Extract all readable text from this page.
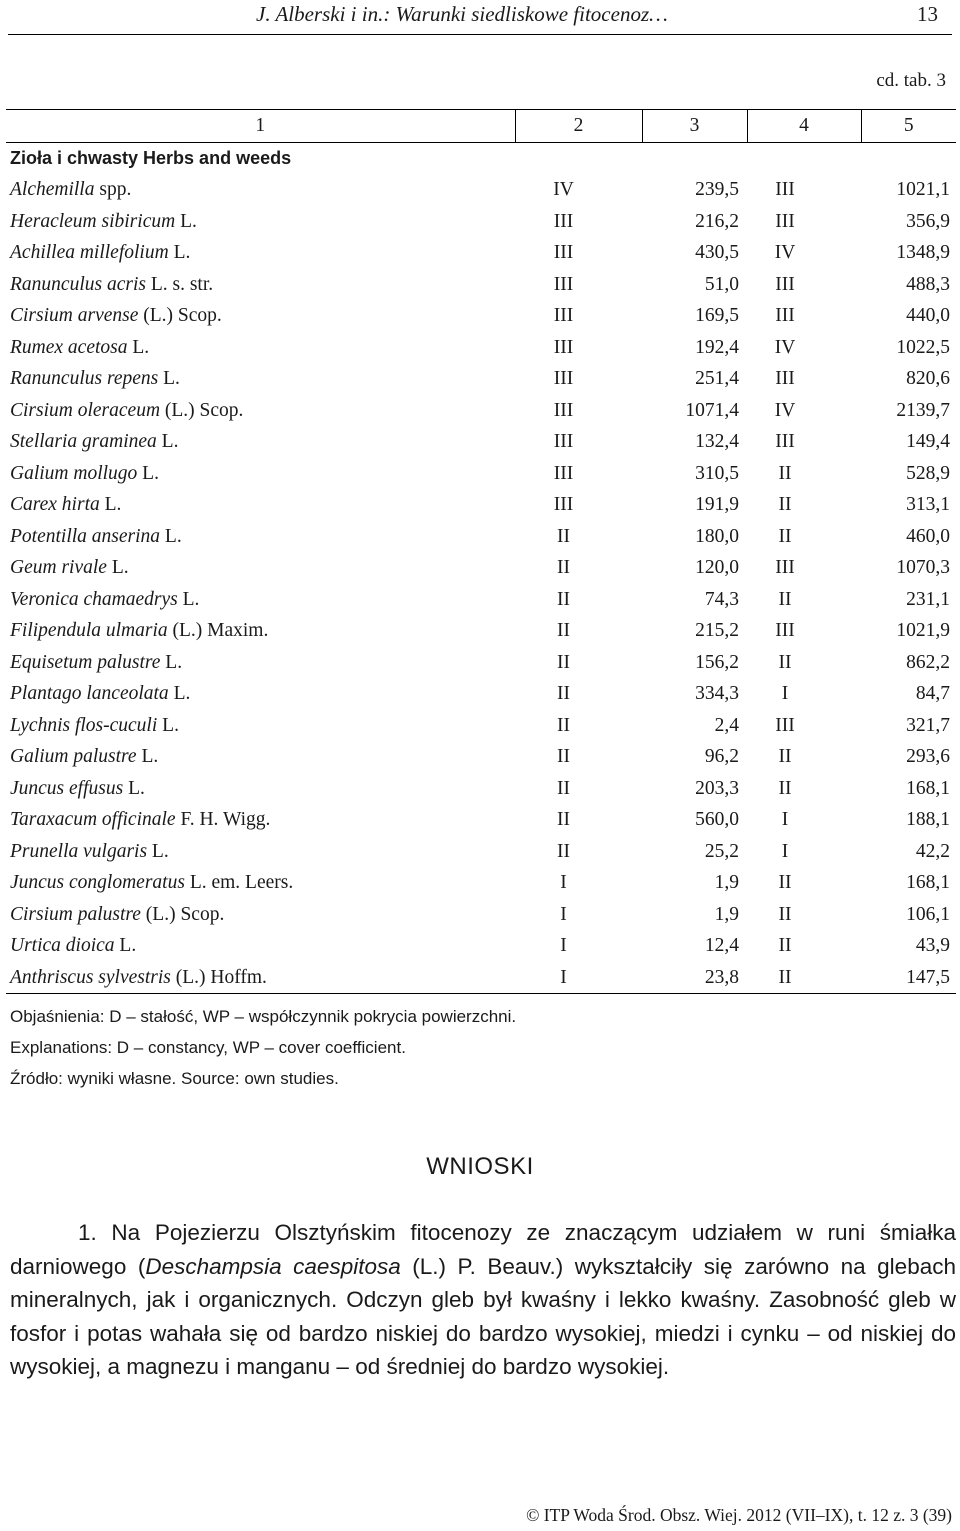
J. Alberski i in.: Warunki siedliskowe fitocenoz…	13
cd. tab. 3
1	2	3	4	5
Zioła i chwasty Herbs and weeds				
Alchemilla spp.	IV	239,5	III	1021,1
Heracleum sibiricum L.	III	216,2	III	356,9
Achillea millefolium L.	III	430,5	IV	1348,9
Ranunculus acris L. s. str.	III	51,0	III	488,3
Cirsium arvense (L.) Scop.	III	169,5	III	440,0
Rumex acetosa L.	III	192,4	IV	1022,5
Ranunculus repens L.	III	251,4	III	820,6
Cirsium oleraceum (L.) Scop.	III	1071,4	IV	2139,7
Stellaria graminea L.	III	132,4	III	149,4
Galium mollugo L.	III	310,5	II	528,9
Carex hirta L.	III	191,9	II	313,1
Potentilla anserina L.	II	180,0	II	460,0
Geum rivale L.	II	120,0	III	1070,3
Veronica chamaedrys L.	II	74,3	II	231,1
Filipendula ulmaria (L.) Maxim.	II	215,2	III	1021,9
Equisetum palustre L.	II	156,2	II	862,2
Plantago lanceolata L.	II	334,3	I	84,7
Lychnis flos-cuculi L.	II	2,4	III	321,7
Galium palustre L.	II	96,2	II	293,6
Juncus effusus L.	II	203,3	II	168,1
Taraxacum officinale F. H. Wigg.	II	560,0	I	188,1
Prunella vulgaris L.	II	25,2	I	42,2
Juncus conglomeratus L. em. Leers.	I	1,9	II	168,1
Cirsium palustre (L.) Scop.	I	1,9	II	106,1
Urtica dioica L.	I	12,4	II	43,9
Anthriscus sylvestris (L.) Hoffm.	I	23,8	II	147,5
Objaśnienia: D – stałość, WP – współczynnik pokrycia powierzchni.
Explanations: D – constancy, WP – cover coefficient.
Źródło: wyniki własne. Source: own studies.
WNIOSKI

1. Na Pojezierzu Olsztyńskim fitocenozy ze znaczącym udziałem w runi śmiałka darniowego (Deschampsia caespitosa (L.) P. Beauv.) wykształciły się zarówno na glebach mineralnych, jak i organicznych. Odczyn gleb był kwaśny i lekko kwaśny. Zasobność gleb w fosfor i potas wahała się od bardzo niskiej do bardzo wysokiej, miedzi i cynku – od niskiej do wysokiej, a magnezu i manganu – od średniej do bardzo wysokiej.

© ITP Woda Środ. Obsz. Wiej. 2012 (VII–IX), t. 12 z. 3 (39)
